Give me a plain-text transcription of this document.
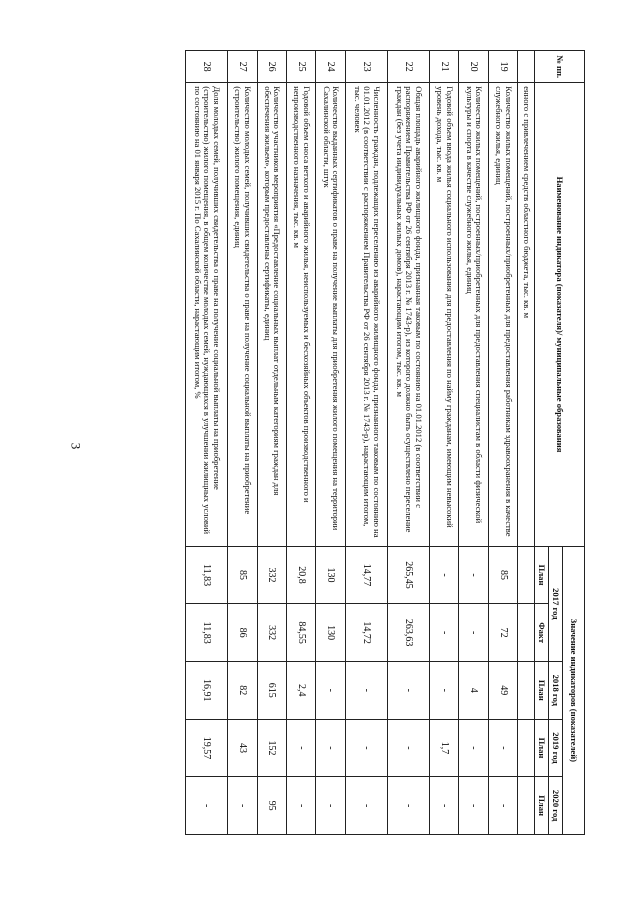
3
№ пп.	Наименование индикатора (показателя)/ муниципальные образования	Значение индикаторов (показателей)				
		2017 год		2018 год	2019 год	2020 год
		План	Факт	План	План	План
	енного с привлечением средств областного бюджета, тыс. кв. м					
19	Количество жилых помещений, построенных/приобретенных для предоставления работникам здравоохранения в качестве служебного жилья, единиц	85	72	49	-	-
20	Количество жилых помещений, построенных/приобретенных для предоставления специалистам в области физической культуры и спорта в качестве служебного жилья, единиц	-	-	4	-	-
21	Годовой объем ввода жилья социального использования для предоставления по найму гражданам, имеющим невысокий уровень дохода, тыс. кв. м	-	-	-	1,7	-
22	Общая площадь аварийного жилищного фонда, признанная таковым по состоянию на 01.01.2012 (в соответствии с распоряжением Правительства РФ от 26 сентября 2013 г. № 1743-р), из которого должно быть осуществлено переселение граждан (без учета индивидуальных жилых домов), нарастающим итогом, тыс. кв. м	265,45	263,63	-	-	-
23	Численность граждан, подлежащих переселению из аварийного жилищного фонда, признанного таковым по состоянию на 01.01.2012 (в соответствии с распоряжением Правительства РФ от 26 сентября 2013 г. № 1743-р), нарастающим итогом, тыс. человек	14,77	14,72	-	-	-
24	Количество выданных сертификатов о праве на получение выплаты для приобретения жилого помещения на территории Сахалинской области, штук	130	130	-	-	-
25	Годовой объем сноса ветхого и аварийного жилья, неиспользуемых и бесхозяйных объектов производственного и непроизводственного назначения, тыс. кв. м	20,8	84,55	2,4	-	-
26	Количество участников мероприятия «Предоставление социальных выплат отдельным категориям граждан для обеспечения жильем», которым предоставлены сертификаты, единиц	332	332	615	152	95
27	Количество молодых семей, получивших свидетельства о праве на получение социальной выплаты на приобретение (строительство) жилого помещения, единиц	85	86	82	43	-
28	Доля молодых семей, получивших свидетельства о праве на получение социальной выплаты на приобретение (строительство) жилого помещения, в общем количестве молодых семей, нуждающихся в улучшении жилищных условий по состоянию на 01 января 2015 г. По Сахалинской области, нарастающим итогом, %	11,83	11,83	16,91	19,57	-
